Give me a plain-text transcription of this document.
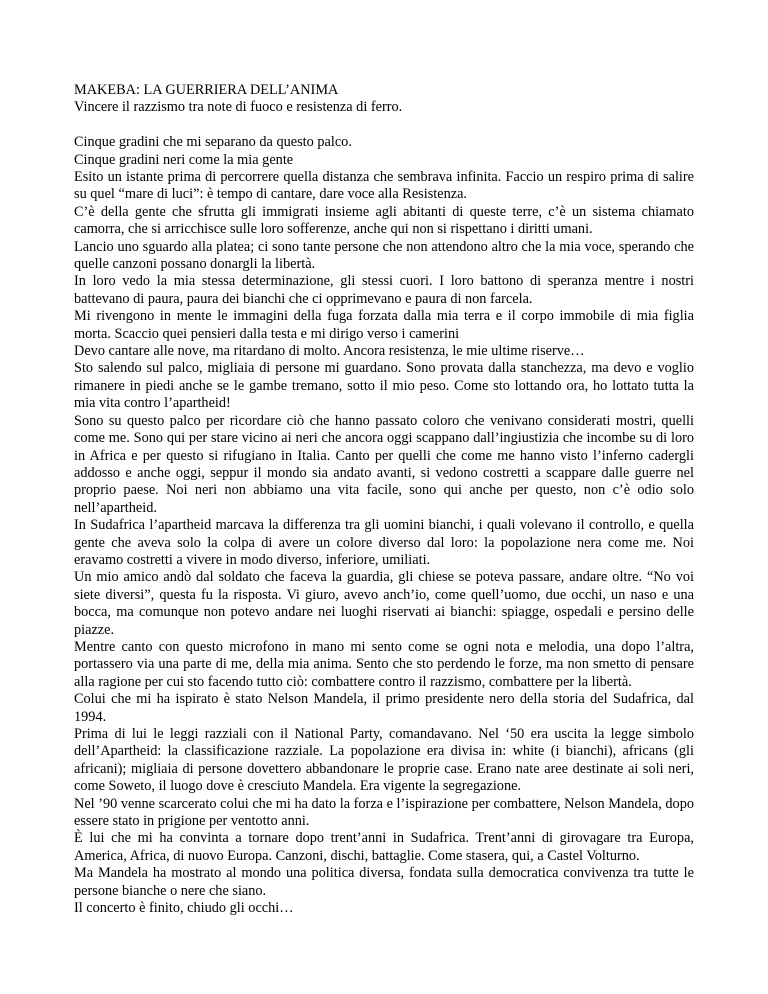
MAKEBA: LA GUERRIERA DELL’ANIMA
Vincere il razzismo tra note di fuoco e resistenza di ferro.
Cinque gradini che mi separano da questo palco.
Cinque gradini neri come la mia gente
Esito un istante prima di percorrere quella distanza che sembrava infinita. Faccio un respiro prima di salire su quel “mare di luci”: è tempo di cantare, dare voce alla Resistenza.
C’è della gente che sfrutta gli immigrati insieme agli abitanti di queste terre, c’è un sistema chiamato camorra, che si arricchisce sulle loro sofferenze, anche qui non si rispettano i diritti umani.
Lancio uno sguardo alla platea; ci sono tante persone che non attendono altro che la mia voce, sperando che quelle canzoni possano donargli la libertà.
In loro vedo la mia stessa determinazione, gli stessi cuori. I loro battono di speranza mentre i nostri battevano di paura, paura dei bianchi che ci opprimevano e paura di non farcela.
Mi rivengono in mente le immagini della fuga forzata dalla mia terra e il corpo immobile di mia figlia morta. Scaccio quei pensieri dalla testa e mi dirigo verso i camerini
Devo cantare alle nove, ma ritardano di molto. Ancora resistenza, le mie ultime riserve…
Sto salendo sul palco, migliaia di persone mi guardano. Sono provata dalla stanchezza, ma devo e voglio rimanere in piedi anche se le gambe tremano, sotto il mio peso. Come sto lottando ora, ho lottato tutta la mia vita contro l’apartheid!
Sono su questo palco per ricordare ciò che hanno passato coloro che venivano considerati mostri, quelli come me. Sono qui per stare vicino ai neri che ancora oggi scappano dall’ingiustizia che incombe su di loro in Africa e per questo si rifugiano in Italia. Canto per quelli che come me hanno visto l’inferno cadergli addosso e anche oggi, seppur il mondo sia andato avanti, si vedono costretti a scappare dalle guerre nel proprio paese. Noi neri non abbiamo una vita facile, sono qui anche per questo, non c’è odio solo nell’apartheid.
In Sudafrica l’apartheid marcava la differenza tra gli uomini bianchi, i quali volevano il controllo, e quella gente che aveva solo la colpa di avere un colore diverso dal loro: la popolazione nera come me. Noi eravamo costretti a vivere in modo diverso, inferiore, umiliati.
Un mio amico andò dal soldato che faceva la guardia, gli chiese se poteva passare, andare oltre. “No voi siete diversi”, questa fu la risposta. Vi giuro, avevo anch’io, come quell’uomo, due occhi, un naso e una bocca, ma comunque non potevo andare nei luoghi riservati ai bianchi: spiagge, ospedali e persino delle piazze.
Mentre canto con questo microfono in mano mi sento come se ogni nota e melodia, una dopo l’altra, portassero via una parte di me, della mia anima. Sento che sto perdendo le forze, ma non smetto di pensare alla ragione per cui sto facendo tutto ciò: combattere contro il razzismo, combattere per la libertà.
Colui che mi ha ispirato è stato Nelson Mandela, il primo presidente nero della storia del Sudafrica, dal 1994.
Prima di lui le leggi razziali con il National Party, comandavano. Nel ‘50 era uscita la legge simbolo dell’Apartheid: la classificazione razziale. La popolazione era divisa in: white (i bianchi), africans (gli africani); migliaia di persone dovettero abbandonare le proprie case. Erano nate aree destinate ai soli neri, come Soweto, il luogo dove è cresciuto Mandela. Era vigente la segregazione.
Nel ’90 venne scarcerato colui che mi ha dato la forza e l’ispirazione per combattere, Nelson Mandela, dopo essere stato in prigione per ventotto anni.
È lui che mi ha convinta a tornare dopo trent’anni in Sudafrica. Trent’anni di girovagare tra Europa, America, Africa, di nuovo Europa. Canzoni, dischi, battaglie. Come stasera, qui, a Castel Volturno.
Ma Mandela ha mostrato al mondo una politica diversa, fondata sulla democratica convivenza tra tutte le persone bianche o nere che siano.
Il concerto è finito, chiudo gli occhi…
